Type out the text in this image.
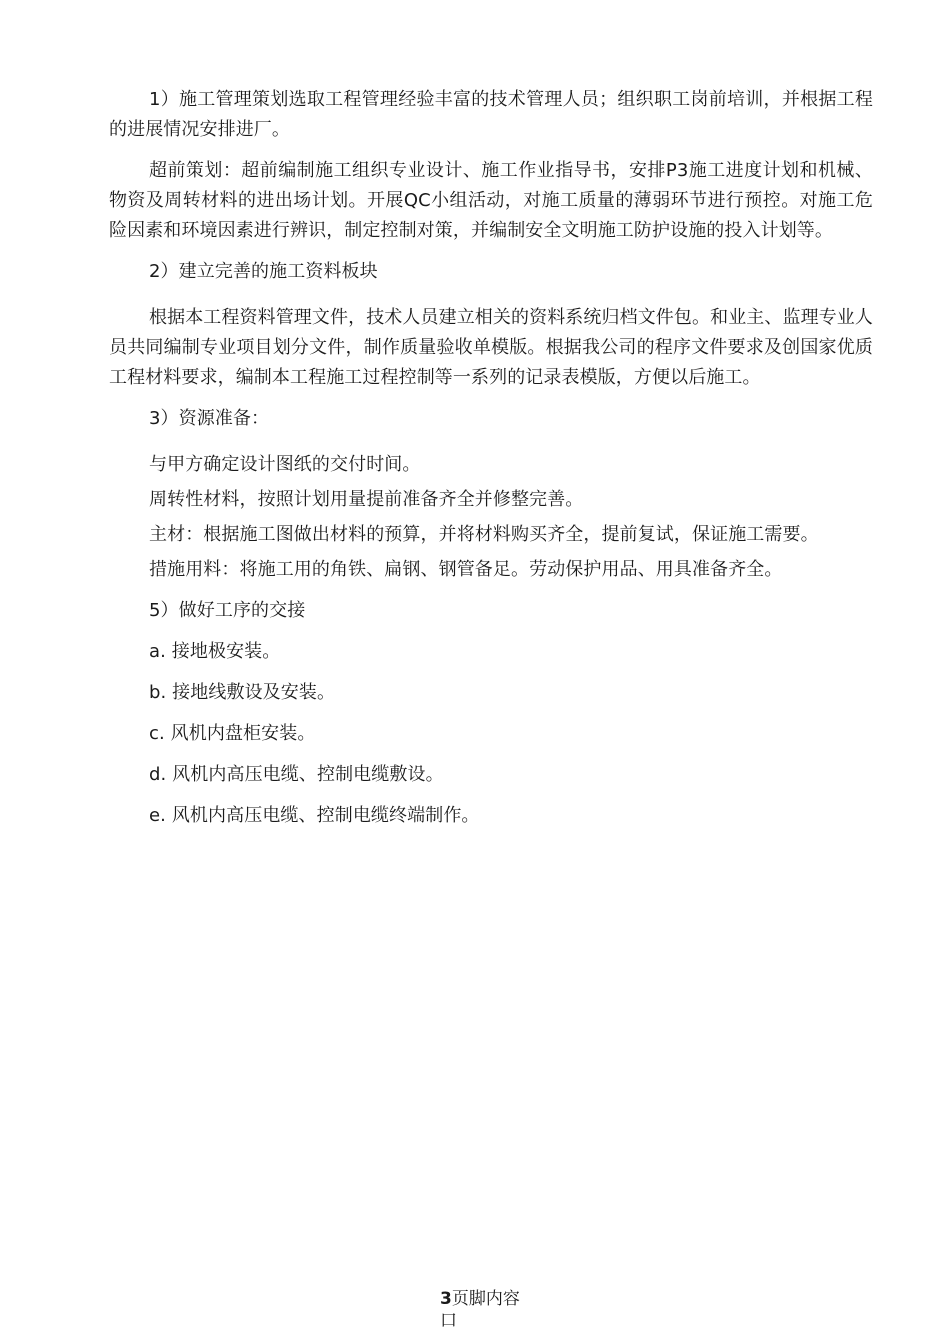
1）施工管理策划选取工程管理经验丰富的技术管理人员；组织职工岗前培训，并根据工程的进展情况安排进厂。

超前策划：超前编制施工组织专业设计、施工作业指导书，安排P3施工进度计划和机械、物资及周转材料的进出场计划。开展QC小组活动，对施工质量的薄弱环节进行预控。对施工危险因素和环境因素进行辨识，制定控制对策，并编制安全文明施工防护设施的投入计划等。

2）建立完善的施工资料板块

根据本工程资料管理文件，技术人员建立相关的资料系统归档文件包。和业主、监理专业人员共同编制专业项目划分文件，制作质量验收单模版。根据我公司的程序文件要求及创国家优质工程材料要求，编制本工程施工过程控制等一系列的记录表模版，方便以后施工。

3）资源准备：

与甲方确定设计图纸的交付时间。

周转性材料，按照计划用量提前准备齐全并修整完善。

主材：根据施工图做出材料的预算，并将材料购买齐全，提前复试，保证施工需要。

措施用料：将施工用的角铁、扁钢、钢管备足。劳动保护用品、用具准备齐全。

5）做好工序的交接

a. 接地极安装。

b. 接地线敷设及安装。

c. 风机内盘柜安装。

d. 风机内高压电缆、控制电缆敷设。

e. 风机内高压电缆、控制电缆终端制作。

3页脚内容
口
